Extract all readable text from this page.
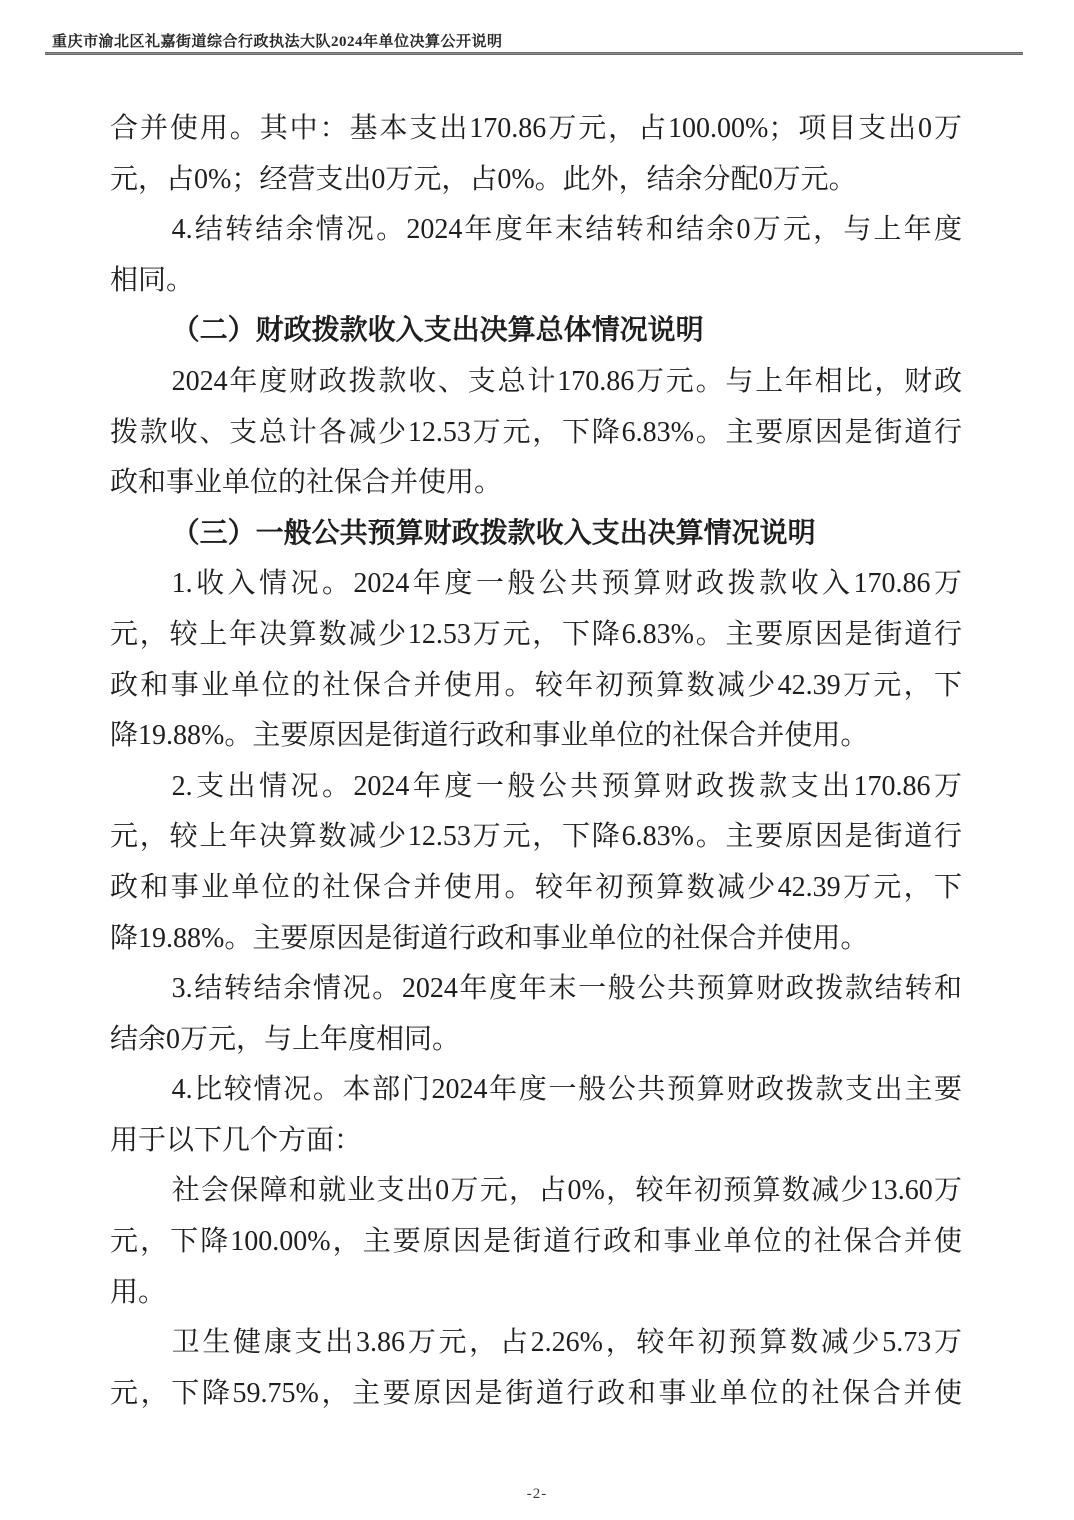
重庆市渝北区礼嘉街道综合行政执法大队2024年单位决算公开说明
合并使用。其中：基本支出170.86万元，占100.00%；项目支出0万
元，占0%；经营支出0万元，占0%。此外，结余分配0万元。
4.结转结余情况。2024年度年末结转和结余0万元，与上年度
相同。
（二）财政拨款收入支出决算总体情况说明
2024年度财政拨款收、支总计170.86万元。与上年相比，财政
拨款收、支总计各减少12.53万元，下降6.83%。主要原因是街道行
政和事业单位的社保合并使用。
（三）一般公共预算财政拨款收入支出决算情况说明
1.收入情况。2024年度一般公共预算财政拨款收入170.86万
元，较上年决算数减少12.53万元，下降6.83%。主要原因是街道行
政和事业单位的社保合并使用。较年初预算数减少42.39万元，下
降19.88%。主要原因是街道行政和事业单位的社保合并使用。
2.支出情况。2024年度一般公共预算财政拨款支出170.86万
元，较上年决算数减少12.53万元，下降6.83%。主要原因是街道行
政和事业单位的社保合并使用。较年初预算数减少42.39万元，下
降19.88%。主要原因是街道行政和事业单位的社保合并使用。
3.结转结余情况。2024年度年末一般公共预算财政拨款结转和
结余0万元，与上年度相同。
4.比较情况。本部门2024年度一般公共预算财政拨款支出主要
用于以下几个方面：
社会保障和就业支出0万元，占0%，较年初预算数减少13.60万
元，下降100.00%，主要原因是街道行政和事业单位的社保合并使
用。
卫生健康支出3.86万元，占2.26%，较年初预算数减少5.73万
元，下降59.75%，主要原因是街道行政和事业单位的社保合并使
-2-
